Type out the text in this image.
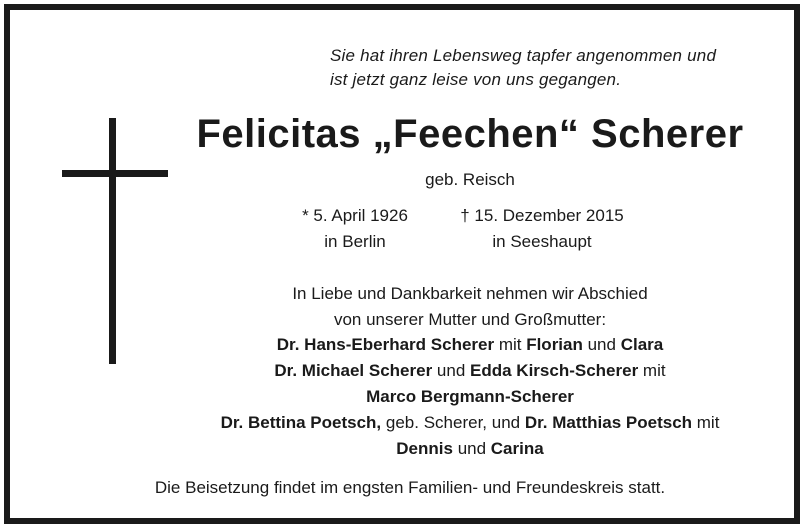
Sie hat ihren Lebensweg tapfer angenommen und
ist jetzt ganz leise von uns gegangen.
Felicitas „Feechen“ Scherer
geb. Reisch
* 5. April 1926
in Berlin
† 15. Dezember 2015
in Seeshaupt
In Liebe und Dankbarkeit nehmen wir Abschied
von unserer Mutter und Großmutter:
Dr. Hans-Eberhard Scherer mit Florian und Clara
Dr. Michael Scherer und Edda Kirsch-Scherer mit
Marco Bergmann-Scherer
Dr. Bettina Poetsch, geb. Scherer, und Dr. Matthias Poetsch mit
Dennis und Carina
Die Beisetzung findet im engsten Familien- und Freundeskreis statt.
